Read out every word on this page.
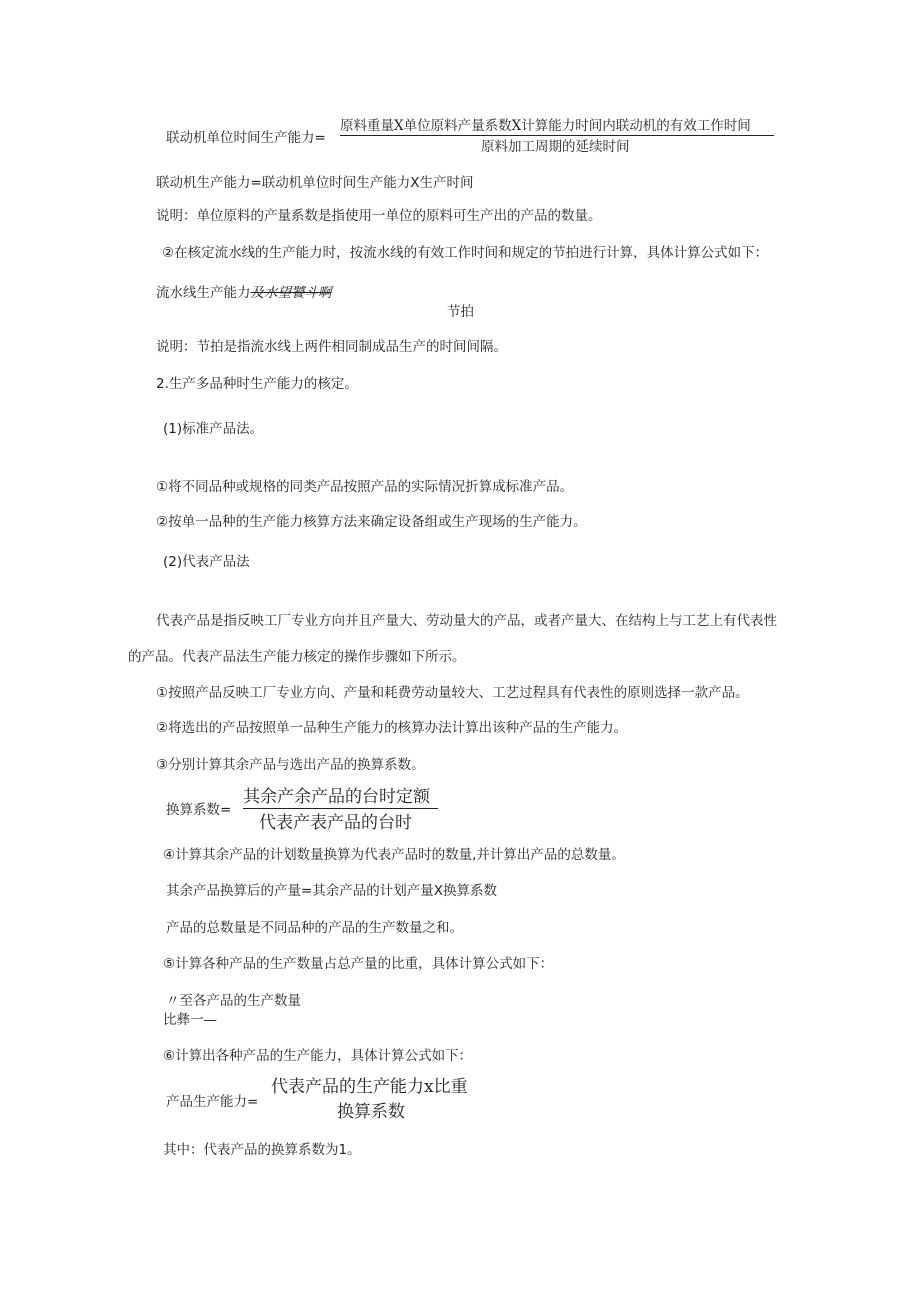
联动机单位时间生产能力=
原料重量X单位原料产量系数X计算能力时间内联动机的有效工作时间
原料加工周期的延续时间
联动机生产能力=联动机单位时间生产能力X生产时间
说明：单位原料的产量系数是指使用一单位的原料可生产出的产品的数量。
②在核定流水线的生产能力时，按流水线的有效工作时间和规定的节拍进行计算，具体计算公式如下：
流水线生产能力及水望饕斗啊
节拍
说明：节拍是指流水线上两件相同制成品生产的时间间隔。
2.生产多品种时生产能力的核定。
(1)标准产品法。
①将不同品种或规格的同类产品按照产品的实际情况折算成标准产品。
②按单一品种的生产能力核算方法来确定设备组或生产现场的生产能力。
(2)代表产品法
代表产品是指反映工厂专业方向并且产量大、劳动量大的产品，或者产量大、在结构上与工艺上有代表性
的产品。代表产品法生产能力核定的操作步骤如下所示。
①按照产品反映工厂专业方向、产量和耗费劳动量较大、工艺过程具有代表性的原则选择一款产品。
②将选出的产品按照单一品种生产能力的核算办法计算出该种产品的生产能力。
③分别计算其余产品与选出产品的换算系数。
换算系数=
其余产余产品的台时定额
代表产表产品的台时
④计算其余产品的计划数量换算为代表产品时的数量,并计算出产品的总数量。
其余产品换算后的产量=其余产品的计划产量X换算系数
产品的总数量是不同品种的产品的生产数量之和。
⑤计算各种产品的生产数量占总产量的比重，具体计算公式如下：
〃至各产品的生产数量
比彝一—
⑥计算出各种产品的生产能力，具体计算公式如下：
产品生产能力=
代表产品的生产能力x比重
换算系数
其中：代表产品的换算系数为1。
